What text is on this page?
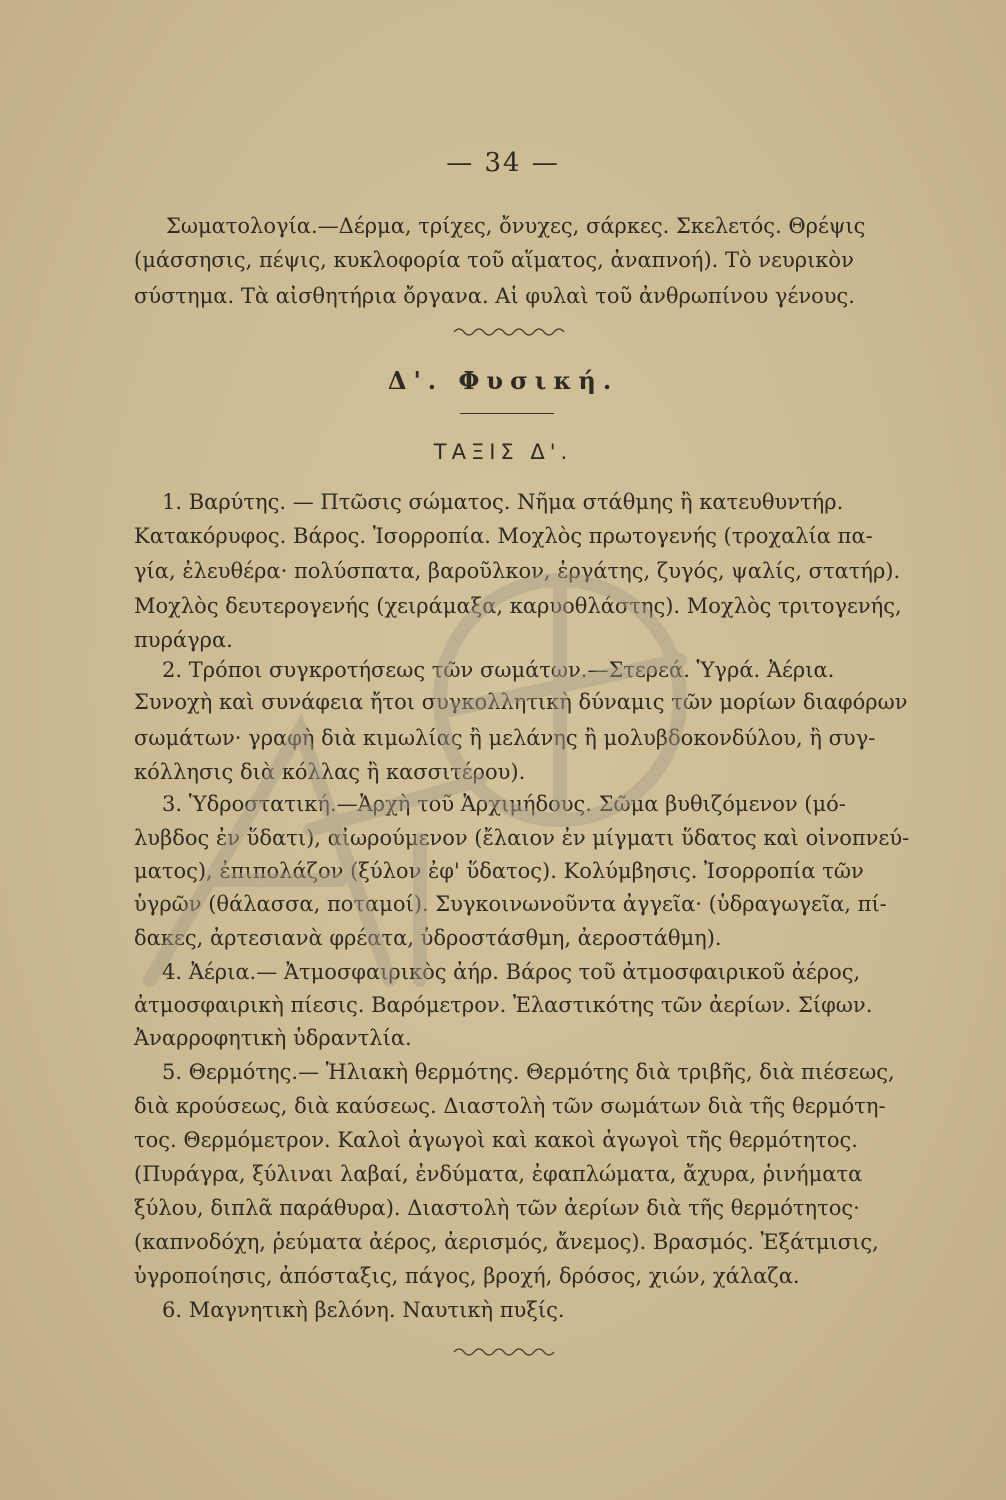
— 34 —

Σωματολογία.—Δέρμα, τρίχες, ὄνυχες, σάρκες. Σκελετός. Θρέψις

(μάσσησις, πέψις, κυκλοφορία τοῦ αἵματος, ἀναπνοή). Τὸ νευρικὸν

σύστημα. Τὰ αἰσθητήρια ὄργανα. Αἱ φυλαὶ τοῦ ἀνθρωπίνου γένους.

1. Βαρύτης. — Πτῶσις σώματος. Νῆμα στάθμης ἢ κατευθυντήρ.

Κατακόρυφος. Βάρος. Ἰσορροπία. Μοχλὸς πρωτογενής (τροχαλία πα-

γία, ἐλευθέρα· πολύσπατα, βαροῦλκον, ἐργάτης, ζυγός, ψαλίς, στατήρ).

Μοχλὸς δευτερογενής (χειράμαξα, καρυοθλάστης). Μοχλὸς τριτογενής,

πυράγρα.

2. Τρόποι συγκροτήσεως τῶν σωμάτων.—Στερεά. Ὑγρά. Ἀέρια.

Συνοχὴ καὶ συνάφεια ἤτοι συγκολλητικὴ δύναμις τῶν μορίων διαφόρων

σωμάτων· γραφὴ διὰ κιμωλίας ἢ μελάνης ἢ μολυβδοκονδύλου, ἢ συγ-

κόλλησις διὰ κόλλας ἢ κασσιτέρου).

3. Ὑδροστατική.—Ἀρχὴ τοῦ Ἀρχιμήδους. Σῶμα βυθιζόμενον (μό-

λυβδος ἐν ὕδατι), αἰωρούμενον (ἔλαιον ἐν μίγματι ὕδατος καὶ οἰνοπνεύ-

ματος), ἐπιπολάζον (ξύλον ἐφ' ὕδατος). Κολύμβησις. Ἰσορροπία τῶν

ὑγρῶν (θάλασσα, ποταμοί). Συγκοινωνοῦντα ἀγγεῖα· (ὑδραγωγεῖα, πί-

δακες, ἀρτεσιανὰ φρέατα, ὑδροστάσθμη, ἀεροστάθμη).

4. Ἀέρια.— Ἀτμοσφαιρικὸς ἀήρ. Βάρος τοῦ ἀτμοσφαιρικοῦ ἀέρος,

ἀτμοσφαιρικὴ πίεσις. Βαρόμετρον. Ἐλαστικότης τῶν ἀερίων. Σίφων.

Ἀναρροφητικὴ ὑδραντλία.

5. Θερμότης.— Ἡλιακὴ θερμότης. Θερμότης διὰ τριβῆς, διὰ πιέσεως,

διὰ κρούσεως, διὰ καύσεως. Διαστολὴ τῶν σωμάτων διὰ τῆς θερμότη-

τος. Θερμόμετρον. Καλοὶ ἀγωγοὶ καὶ κακοὶ ἀγωγοὶ τῆς θερμότητος.

(Πυράγρα, ξύλιναι λαβαί, ἐνδύματα, ἐφαπλώματα, ἄχυρα, ῥινήματα

ξύλου, διπλᾶ παράθυρα). Διαστολὴ τῶν ἀερίων διὰ τῆς θερμότητος·

(καπνοδόχη, ῥεύματα ἀέρος, ἀερισμός, ἄνεμος). Βρασμός. Ἐξάτμισις,

ὑγροποίησις, ἀπόσταξις, πάγος, βροχή, δρόσος, χιών, χάλαζα.

6. Μαγνητικὴ βελόνη. Ναυτικὴ πυξίς.

Δ'. Φυσική.
ΤΑΞΙΣ Δ'.
